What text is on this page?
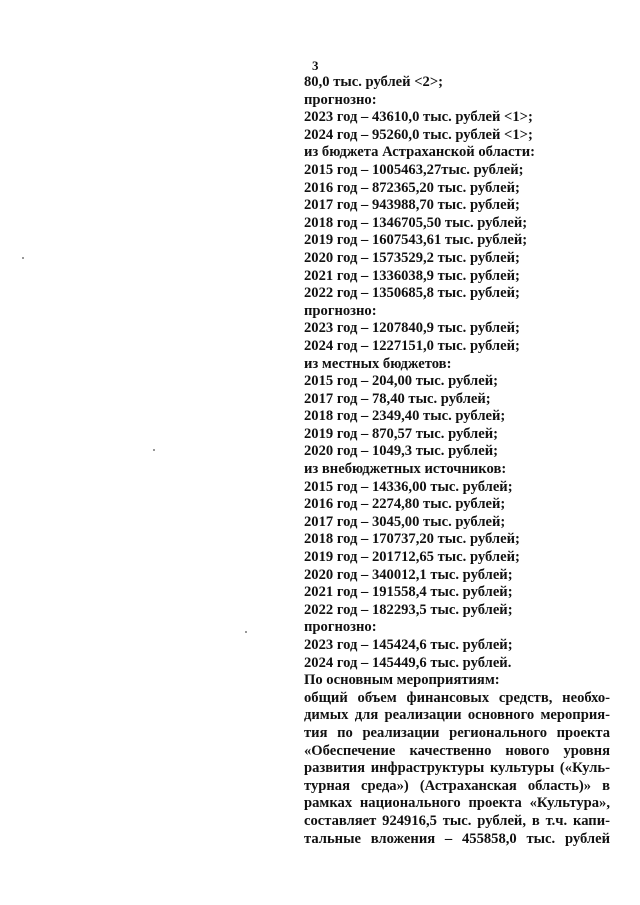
3
80,0 тыс. рублей <2>;
прогнозно:
2023 год – 43610,0 тыс. рублей <1>;
2024 год – 95260,0 тыс. рублей <1>;
из бюджета Астраханской области:
2015 год – 1005463,27тыс. рублей;
2016 год – 872365,20 тыс. рублей;
2017 год – 943988,70 тыс. рублей;
2018 год – 1346705,50 тыс. рублей;
2019 год – 1607543,61 тыс. рублей;
2020 год – 1573529,2 тыс. рублей;
2021 год – 1336038,9 тыс. рублей;
2022 год – 1350685,8 тыс. рублей;
прогнозно:
2023 год – 1207840,9 тыс. рублей;
2024 год – 1227151,0 тыс. рублей;
из местных бюджетов:
2015 год – 204,00 тыс. рублей;
2017 год – 78,40 тыс. рублей;
2018 год – 2349,40 тыс. рублей;
2019 год – 870,57 тыс. рублей;
2020 год – 1049,3 тыс. рублей;
из внебюджетных источников:
2015 год – 14336,00 тыс. рублей;
2016 год – 2274,80 тыс. рублей;
2017 год – 3045,00 тыс. рублей;
2018 год – 170737,20 тыс. рублей;
2019 год – 201712,65 тыс. рублей;
2020 год – 340012,1 тыс. рублей;
2021 год – 191558,4 тыс. рублей;
2022 год – 182293,5 тыс. рублей;
прогнозно:
2023 год – 145424,6 тыс. рублей;
2024 год – 145449,6 тыс. рублей.
По основным мероприятиям:
общий объем финансовых средств, необхо-
димых для реализации основного мероприя-
тия по реализации регионального проекта
«Обеспечение качественно нового уровня
развития инфраструктуры культуры («Куль-
турная среда») (Астраханская область)» в
рамках национального проекта «Культура»,
составляет 924916,5 тыс. рублей, в т.ч. капи-
тальные вложения – 455858,0 тыс. рублей
